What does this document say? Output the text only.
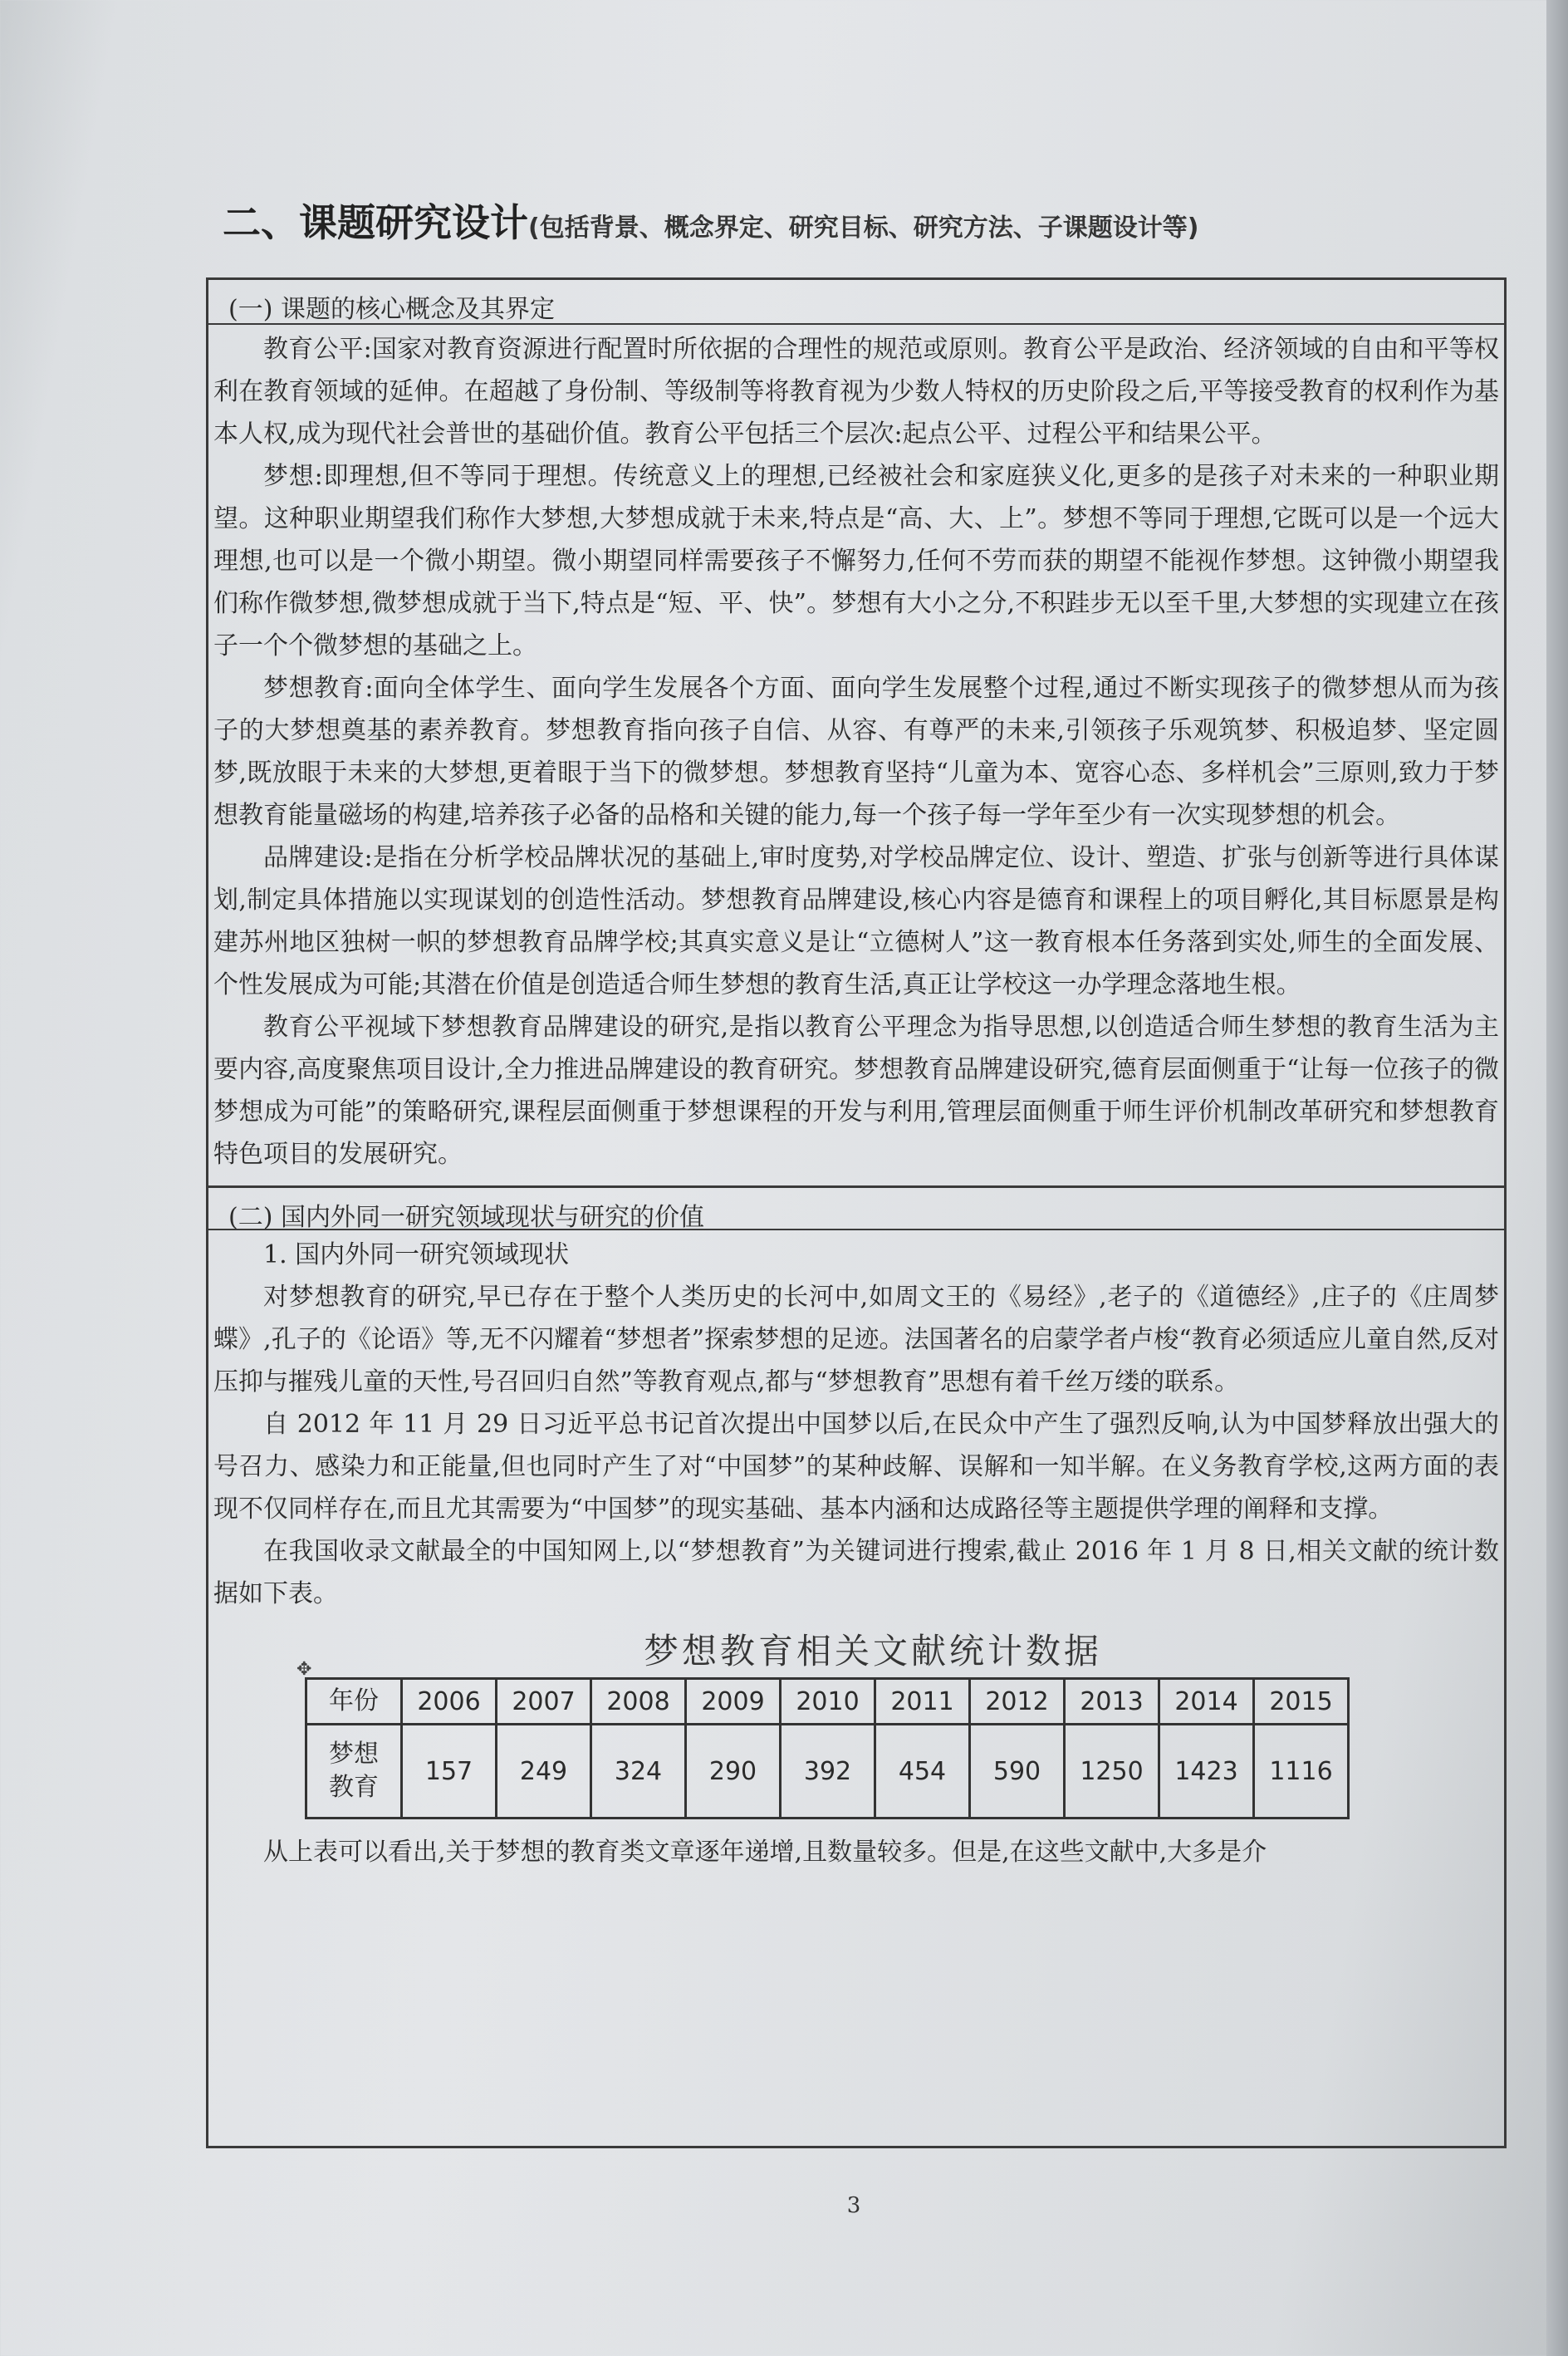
二、课题研究设计(包括背景、概念界定、研究目标、研究方法、子课题设计等)
(一) 课题的核心概念及其界定

教育公平:国家对教育资源进行配置时所依据的合理性的规范或原则。教育公平是政治、经济领域的自由和平等权利在教育领域的延伸。在超越了身份制、等级制等将教育视为少数人特权的历史阶段之后,平等接受教育的权利作为基本人权,成为现代社会普世的基础价值。教育公平包括三个层次:起点公平、过程公平和结果公平。

梦想:即理想,但不等同于理想。传统意义上的理想,已经被社会和家庭狭义化,更多的是孩子对未来的一种职业期望。这种职业期望我们称作大梦想,大梦想成就于未来,特点是“高、大、上”。梦想不等同于理想,它既可以是一个远大理想,也可以是一个微小期望。微小期望同样需要孩子不懈努力,任何不劳而获的期望不能视作梦想。这钟微小期望我们称作微梦想,微梦想成就于当下,特点是“短、平、快”。梦想有大小之分,不积跬步无以至千里,大梦想的实现建立在孩子一个个微梦想的基础之上。

梦想教育:面向全体学生、面向学生发展各个方面、面向学生发展整个过程,通过不断实现孩子的微梦想从而为孩子的大梦想奠基的素养教育。梦想教育指向孩子自信、从容、有尊严的未来,引领孩子乐观筑梦、积极追梦、坚定圆梦,既放眼于未来的大梦想,更着眼于当下的微梦想。梦想教育坚持“儿童为本、宽容心态、多样机会”三原则,致力于梦想教育能量磁场的构建,培养孩子必备的品格和关键的能力,每一个孩子每一学年至少有一次实现梦想的机会。

品牌建设:是指在分析学校品牌状况的基础上,审时度势,对学校品牌定位、设计、塑造、扩张与创新等进行具体谋划,制定具体措施以实现谋划的创造性活动。梦想教育品牌建设,核心内容是德育和课程上的项目孵化,其目标愿景是构建苏州地区独树一帜的梦想教育品牌学校;其真实意义是让“立德树人”这一教育根本任务落到实处,师生的全面发展、个性发展成为可能;其潜在价值是创造适合师生梦想的教育生活,真正让学校这一办学理念落地生根。

教育公平视域下梦想教育品牌建设的研究,是指以教育公平理念为指导思想,以创造适合师生梦想的教育生活为主要内容,高度聚焦项目设计,全力推进品牌建设的教育研究。梦想教育品牌建设研究,德育层面侧重于“让每一位孩子的微梦想成为可能”的策略研究,课程层面侧重于梦想课程的开发与利用,管理层面侧重于师生评价机制改革研究和梦想教育特色项目的发展研究。

(二) 国内外同一研究领域现状与研究的价值

1. 国内外同一研究领域现状

对梦想教育的研究,早已存在于整个人类历史的长河中,如周文王的《易经》,老子的《道德经》,庄子的《庄周梦蝶》,孔子的《论语》等,无不闪耀着“梦想者”探索梦想的足迹。法国著名的启蒙学者卢梭“教育必须适应儿童自然,反对压抑与摧残儿童的天性,号召回归自然”等教育观点,都与“梦想教育”思想有着千丝万缕的联系。

自 2012 年 11 月 29 日习近平总书记首次提出中国梦以后,在民众中产生了强烈反响,认为中国梦释放出强大的号召力、感染力和正能量,但也同时产生了对“中国梦”的某种歧解、误解和一知半解。在义务教育学校,这两方面的表现不仅同样存在,而且尤其需要为“中国梦”的现实基础、基本内涵和达成路径等主题提供学理的阐释和支撑。

在我国收录文献最全的中国知网上,以“梦想教育”为关键词进行搜索,截止 2016 年 1 月 8 日,相关文献的统计数据如下表。

✥	梦想教育相关文献统计数据
年份	2006	2007	2008	2009	2010	2011	2012	2013	2014	2015
梦想
教育	157	249	324	290	392	454	590	1250	1423	1116

从上表可以看出,关于梦想的教育类文章逐年递增,且数量较多。但是,在这些文献中,大多是介

3
